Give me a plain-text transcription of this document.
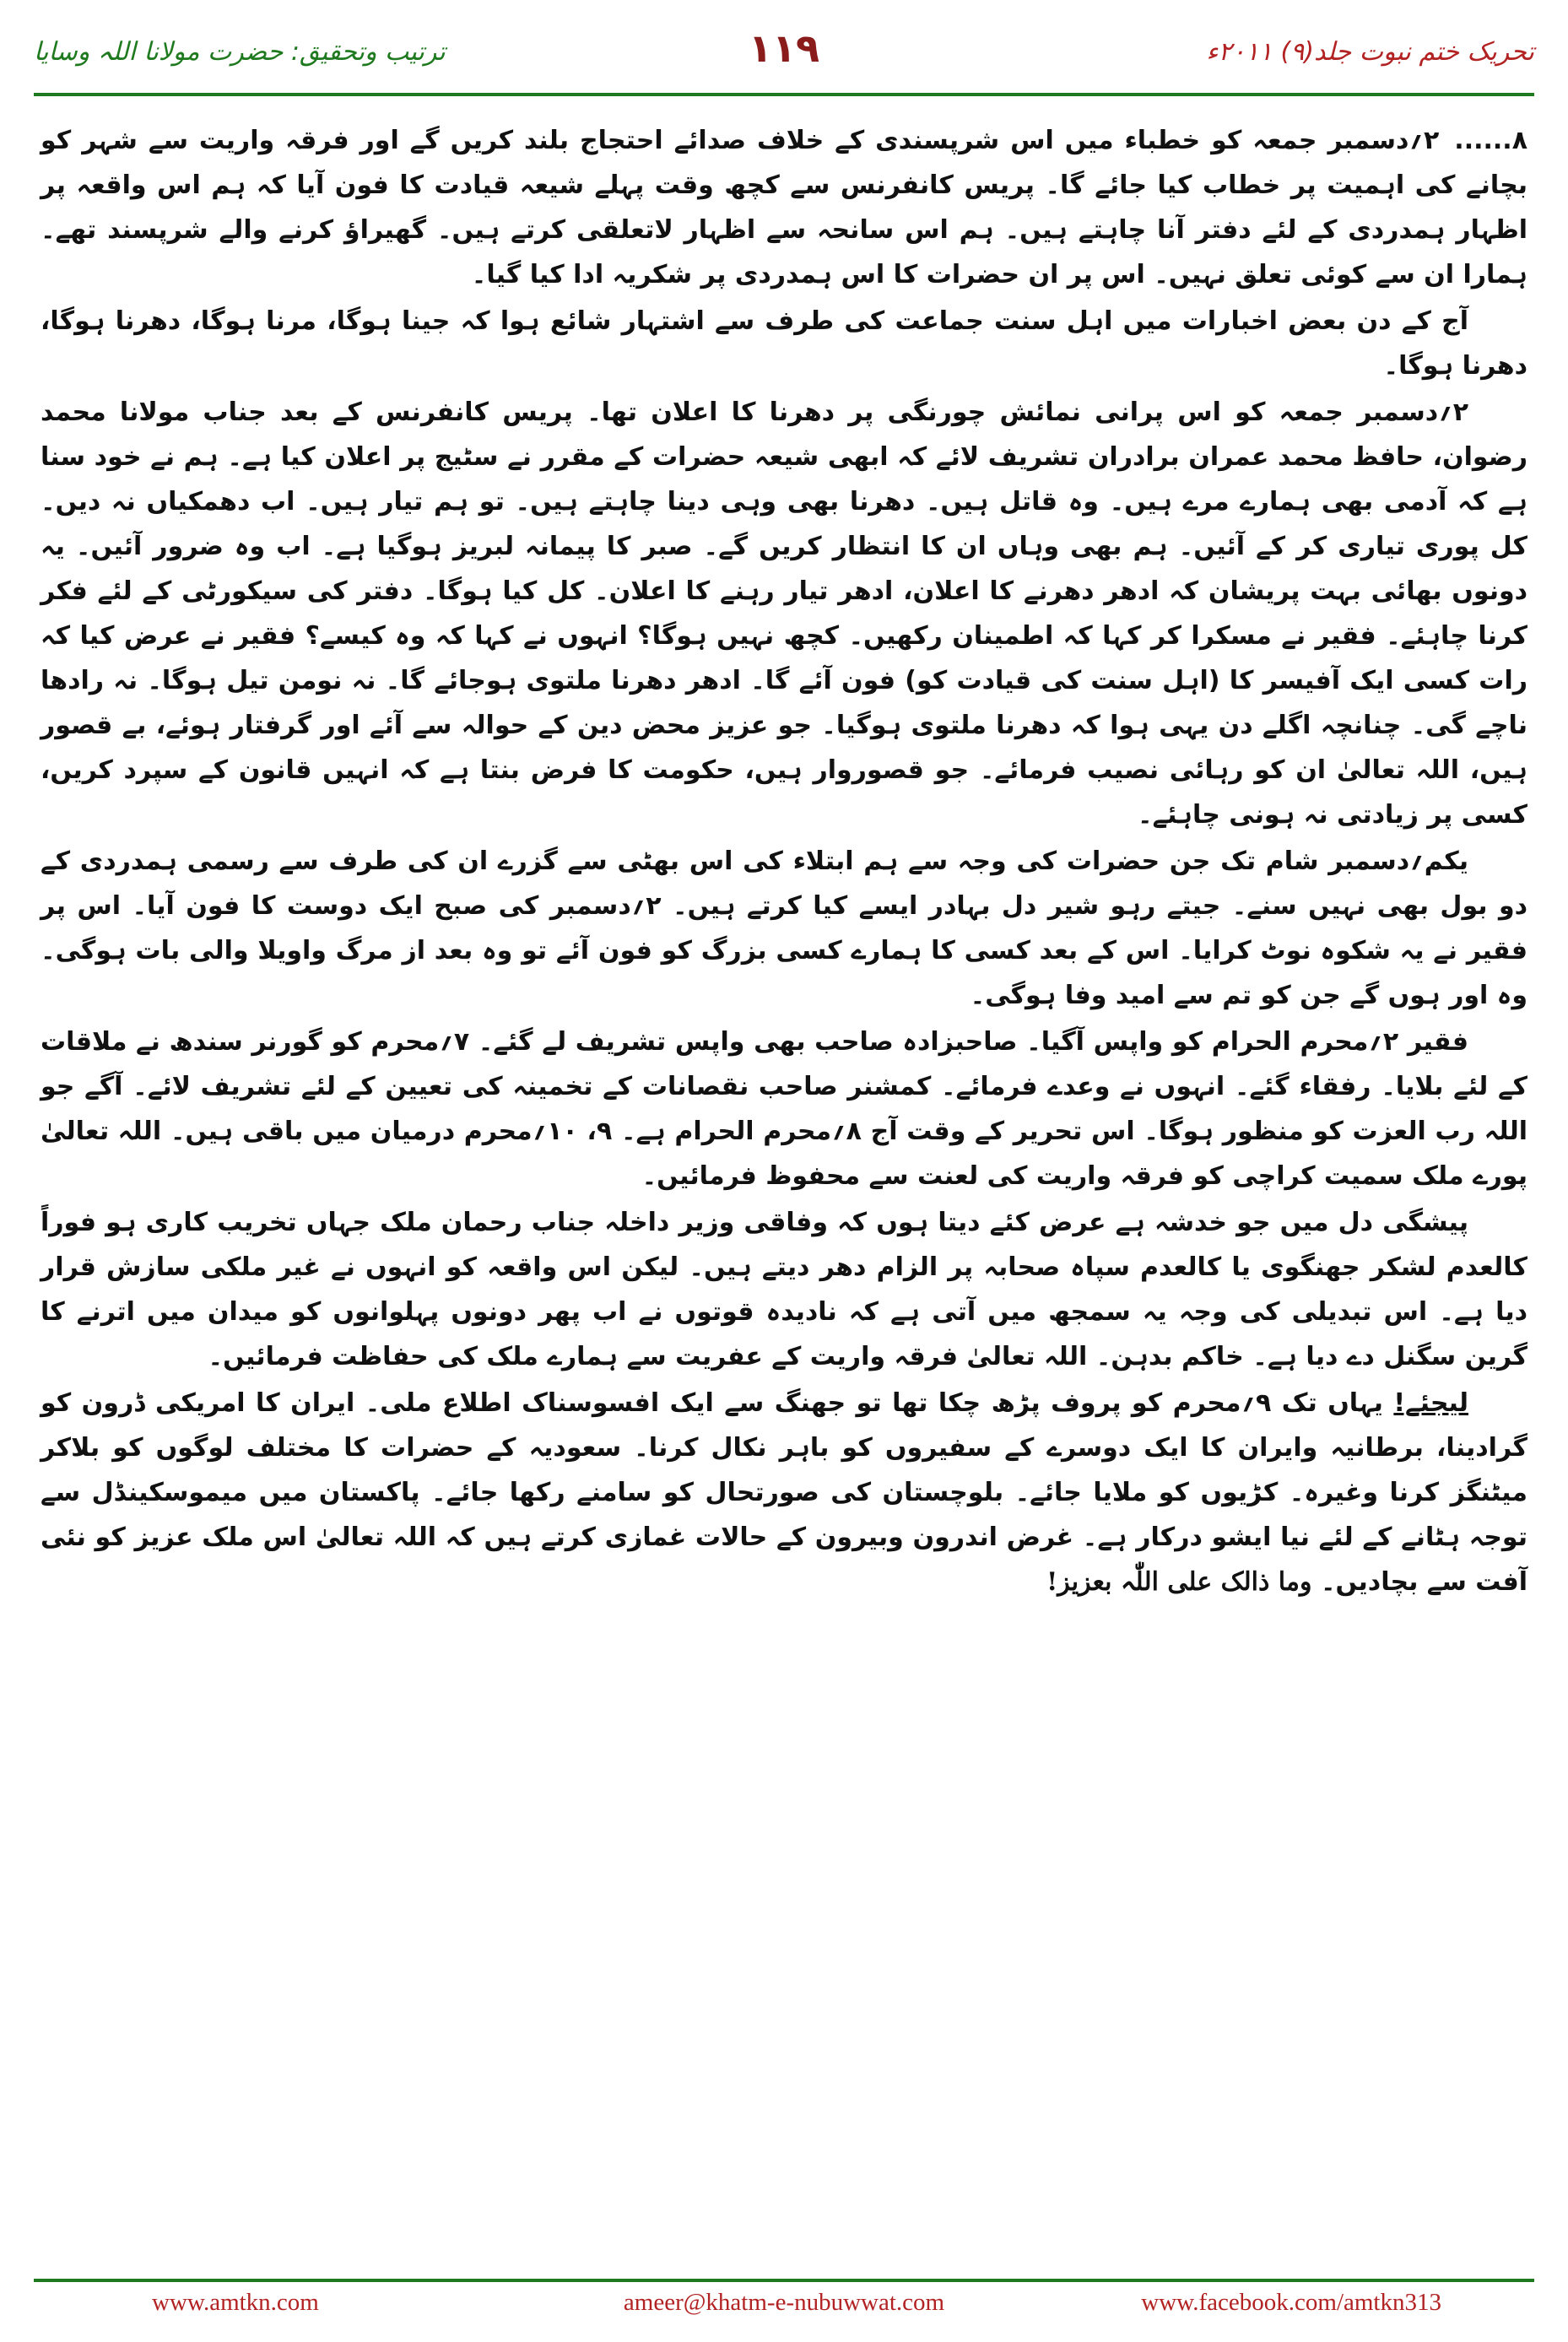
ترتیب وتحقیق: حضرت مولانا اللہ وسایا	۱۱۹	تحریک ختم نبوت جلد(۹) ۲۰۱۱ء

۸......۲؍دسمبر جمعہ کو خطباء میں اس شرپسندی کے خلاف صدائے احتجاج بلند کریں گے اور فرقہ واریت سے شہر کو بچانے کی اہمیت پر خطاب کیا جائے گا۔ پریس کانفرنس سے کچھ وقت پہلے شیعہ قیادت کا فون آیا کہ ہم اس واقعہ پر اظہار ہمدردی کے لئے دفتر آنا چاہتے ہیں۔ ہم اس سانحہ سے اظہار لاتعلقی کرتے ہیں۔ گھیراؤ کرنے والے شرپسند تھے۔ ہمارا ان سے کوئی تعلق نہیں۔ اس پر ان حضرات کا اس ہمدردی پر شکریہ ادا کیا گیا۔

آج کے دن بعض اخبارات میں اہل سنت جماعت کی طرف سے اشتہار شائع ہوا کہ جینا ہوگا، مرنا ہوگا، دھرنا ہوگا، دھرنا ہوگا۔

۲؍دسمبر جمعہ کو اس پرانی نمائش چورنگی پر دھرنا کا اعلان تھا۔ پریس کانفرنس کے بعد جناب مولانا محمد رضوان، حافظ محمد عمران برادران تشریف لائے کہ ابھی شیعہ حضرات کے مقرر نے سٹیج پر اعلان کیا ہے۔ ہم نے خود سنا ہے کہ آدمی بھی ہمارے مرے ہیں۔ وہ قاتل ہیں۔ دھرنا بھی وہی دینا چاہتے ہیں۔ تو ہم تیار ہیں۔ اب دھمکیاں نہ دیں۔ کل پوری تیاری کر کے آئیں۔ ہم بھی وہاں ان کا انتظار کریں گے۔ صبر کا پیمانہ لبریز ہوگیا ہے۔ اب وہ ضرور آئیں۔ یہ دونوں بھائی بہت پریشان کہ ادھر دھرنے کا اعلان، ادھر تیار رہنے کا اعلان۔ کل کیا ہوگا۔ دفتر کی سیکورٹی کے لئے فکر کرنا چاہئے۔ فقیر نے مسکرا کر کہا کہ اطمینان رکھیں۔ کچھ نہیں ہوگا؟ انہوں نے کہا کہ وہ کیسے؟ فقیر نے عرض کیا کہ رات کسی ایک آفیسر کا (اہل سنت کی قیادت کو) فون آئے گا۔ ادھر دھرنا ملتوی ہوجائے گا۔ نہ نومن تیل ہوگا۔ نہ رادھا ناچے گی۔ چنانچہ اگلے دن یہی ہوا کہ دھرنا ملتوی ہوگیا۔ جو عزیز محض دین کے حوالہ سے آئے اور گرفتار ہوئے، بے قصور ہیں، اللہ تعالیٰ ان کو رہائی نصیب فرمائے۔ جو قصوروار ہیں، حکومت کا فرض بنتا ہے کہ انہیں قانون کے سپرد کریں، کسی پر زیادتی نہ ہونی چاہئے۔

یکم؍دسمبر شام تک جن حضرات کی وجہ سے ہم ابتلاء کی اس بھٹی سے گزرے ان کی طرف سے رسمی ہمدردی کے دو بول بھی نہیں سنے۔ جیتے رہو شیر دل بہادر ایسے کیا کرتے ہیں۔ ۲؍دسمبر کی صبح ایک دوست کا فون آیا۔ اس پر فقیر نے یہ شکوہ نوٹ کرایا۔ اس کے بعد کسی کا ہمارے کسی بزرگ کو فون آئے تو وہ بعد از مرگ واویلا والی بات ہوگی۔ وہ اور ہوں گے جن کو تم سے امید وفا ہوگی۔

فقیر ۲؍محرم الحرام کو واپس آگیا۔ صاحبزادہ صاحب بھی واپس تشریف لے گئے۔ ۷؍محرم کو گورنر سندھ نے ملاقات کے لئے بلایا۔ رفقاء گئے۔ انہوں نے وعدے فرمائے۔ کمشنر صاحب نقصانات کے تخمینہ کی تعیین کے لئے تشریف لائے۔ آگے جو اللہ رب العزت کو منظور ہوگا۔ اس تحریر کے وقت آج ۸؍محرم الحرام ہے۔ ۹، ۱۰؍محرم درمیان میں باقی ہیں۔ اللہ تعالیٰ پورے ملک سمیت کراچی کو فرقہ واریت کی لعنت سے محفوظ فرمائیں۔

پیشگی دل میں جو خدشہ ہے عرض کئے دیتا ہوں کہ وفاقی وزیر داخلہ جناب رحمان ملک جہاں تخریب کاری ہو فوراً کالعدم لشکر جھنگوی یا کالعدم سپاہ صحابہ پر الزام دھر دیتے ہیں۔ لیکن اس واقعہ کو انہوں نے غیر ملکی سازش قرار دیا ہے۔ اس تبدیلی کی وجہ یہ سمجھ میں آتی ہے کہ نادیدہ قوتوں نے اب پھر دونوں پہلوانوں کو میدان میں اترنے کا گرین سگنل دے دیا ہے۔ خاکم بدہن۔ اللہ تعالیٰ فرقہ واریت کے عفریت سے ہمارے ملک کی حفاظت فرمائیں۔

لیجئے! یہاں تک ۹؍محرم کو پروف پڑھ چکا تھا تو جھنگ سے ایک افسوسناک اطلاع ملی۔ ایران کا امریکی ڈرون کو گرادینا، برطانیہ وایران کا ایک دوسرے کے سفیروں کو باہر نکال کرنا۔ سعودیہ کے حضرات کا مختلف لوگوں کو بلاکر میٹنگز کرنا وغیرہ۔ کڑیوں کو ملایا جائے۔ بلوچستان کی صورتحال کو سامنے رکھا جائے۔ پاکستان میں میموسکینڈل سے توجہ ہٹانے کے لئے نیا ایشو درکار ہے۔ غرض اندرون وبیرون کے حالات غمازی کرتے ہیں کہ اللہ تعالیٰ اس ملک عزیز کو نئی آفت سے بچادیں۔ وما ذالک علی اللّٰہ بعزیز!

www.amtkn.com	ameer@khatm-e-nubuwwat.com	www.facebook.com/amtkn313
